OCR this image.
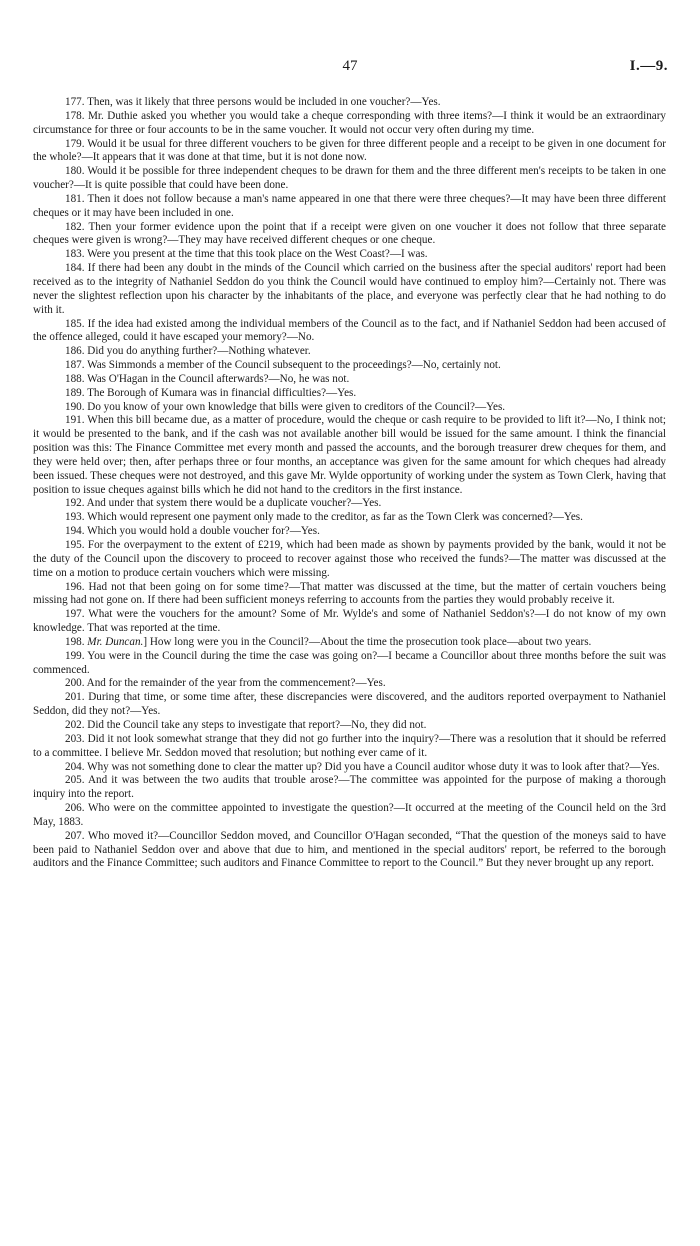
47	I.—9.

177. Then, was it likely that three persons would be included in one voucher?—Yes.

178. Mr. Duthie asked you whether you would take a cheque corresponding with three items?—I think it would be an extraordinary circumstance for three or four accounts to be in the same voucher. It would not occur very often during my time.

179. Would it be usual for three different vouchers to be given for three different people and a receipt to be given in one document for the whole?—It appears that it was done at that time, but it is not done now.

180. Would it be possible for three independent cheques to be drawn for them and the three different men's receipts to be taken in one voucher?—It is quite possible that could have been done.

181. Then it does not follow because a man's name appeared in one that there were three cheques?—It may have been three different cheques or it may have been included in one.

182. Then your former evidence upon the point that if a receipt were given on one voucher it does not follow that three separate cheques were given is wrong?—They may have received different cheques or one cheque.

183. Were you present at the time that this took place on the West Coast?—I was.

184. If there had been any doubt in the minds of the Council which carried on the business after the special auditors' report had been received as to the integrity of Nathaniel Seddon do you think the Council would have continued to employ him?—Certainly not. There was never the slightest reflection upon his character by the inhabitants of the place, and everyone was perfectly clear that he had nothing to do with it.

185. If the idea had existed among the individual members of the Council as to the fact, and if Nathaniel Seddon had been accused of the offence alleged, could it have escaped your memory?—No.

186. Did you do anything further?—Nothing whatever.

187. Was Simmonds a member of the Council subsequent to the proceedings?—No, certainly not.

188. Was O'Hagan in the Council afterwards?—No, he was not.

189. The Borough of Kumara was in financial difficulties?—Yes.

190. Do you know of your own knowledge that bills were given to creditors of the Council?—Yes.

191. When this bill became due, as a matter of procedure, would the cheque or cash require to be provided to lift it?—No, I think not; it would be presented to the bank, and if the cash was not available another bill would be issued for the same amount. I think the financial position was this: The Finance Committee met every month and passed the accounts, and the borough treasurer drew cheques for them, and they were held over; then, after perhaps three or four months, an acceptance was given for the same amount for which cheques had already been issued. These cheques were not destroyed, and this gave Mr. Wylde opportunity of working under the system as Town Clerk, having that position to issue cheques against bills which he did not hand to the creditors in the first instance.

192. And under that system there would be a duplicate voucher?—Yes.

193. Which would represent one payment only made to the creditor, as far as the Town Clerk was concerned?—Yes.

194. Which you would hold a double voucher for?—Yes.

195. For the overpayment to the extent of £219, which had been made as shown by payments provided by the bank, would it not be the duty of the Council upon the discovery to proceed to recover against those who received the funds?—The matter was discussed at the time on a motion to produce certain vouchers which were missing.

196. Had not that been going on for some time?—That matter was discussed at the time, but the matter of certain vouchers being missing had not gone on. If there had been sufficient moneys referring to accounts from the parties they would probably receive it.

197. What were the vouchers for the amount? Some of Mr. Wylde's and some of Nathaniel Seddon's?—I do not know of my own knowledge. That was reported at the time.

198. Mr. Duncan.] How long were you in the Council?—About the time the prosecution took place—about two years.

199. You were in the Council during the time the case was going on?—I became a Councillor about three months before the suit was commenced.

200. And for the remainder of the year from the commencement?—Yes.

201. During that time, or some time after, these discrepancies were discovered, and the auditors reported overpayment to Nathaniel Seddon, did they not?—Yes.

202. Did the Council take any steps to investigate that report?—No, they did not.

203. Did it not look somewhat strange that they did not go further into the inquiry?—There was a resolution that it should be referred to a committee. I believe Mr. Seddon moved that resolution; but nothing ever came of it.

204. Why was not something done to clear the matter up? Did you have a Council auditor whose duty it was to look after that?—Yes.

205. And it was between the two audits that trouble arose?—The committee was appointed for the purpose of making a thorough inquiry into the report.

206. Who were on the committee appointed to investigate the question?—It occurred at the meeting of the Council held on the 3rd May, 1883.

207. Who moved it?—Councillor Seddon moved, and Councillor O'Hagan seconded, “That the question of the moneys said to have been paid to Nathaniel Seddon over and above that due to him, and mentioned in the special auditors' report, be referred to the borough auditors and the Finance Committee; such auditors and Finance Committee to report to the Council.” But they never brought up any report.
